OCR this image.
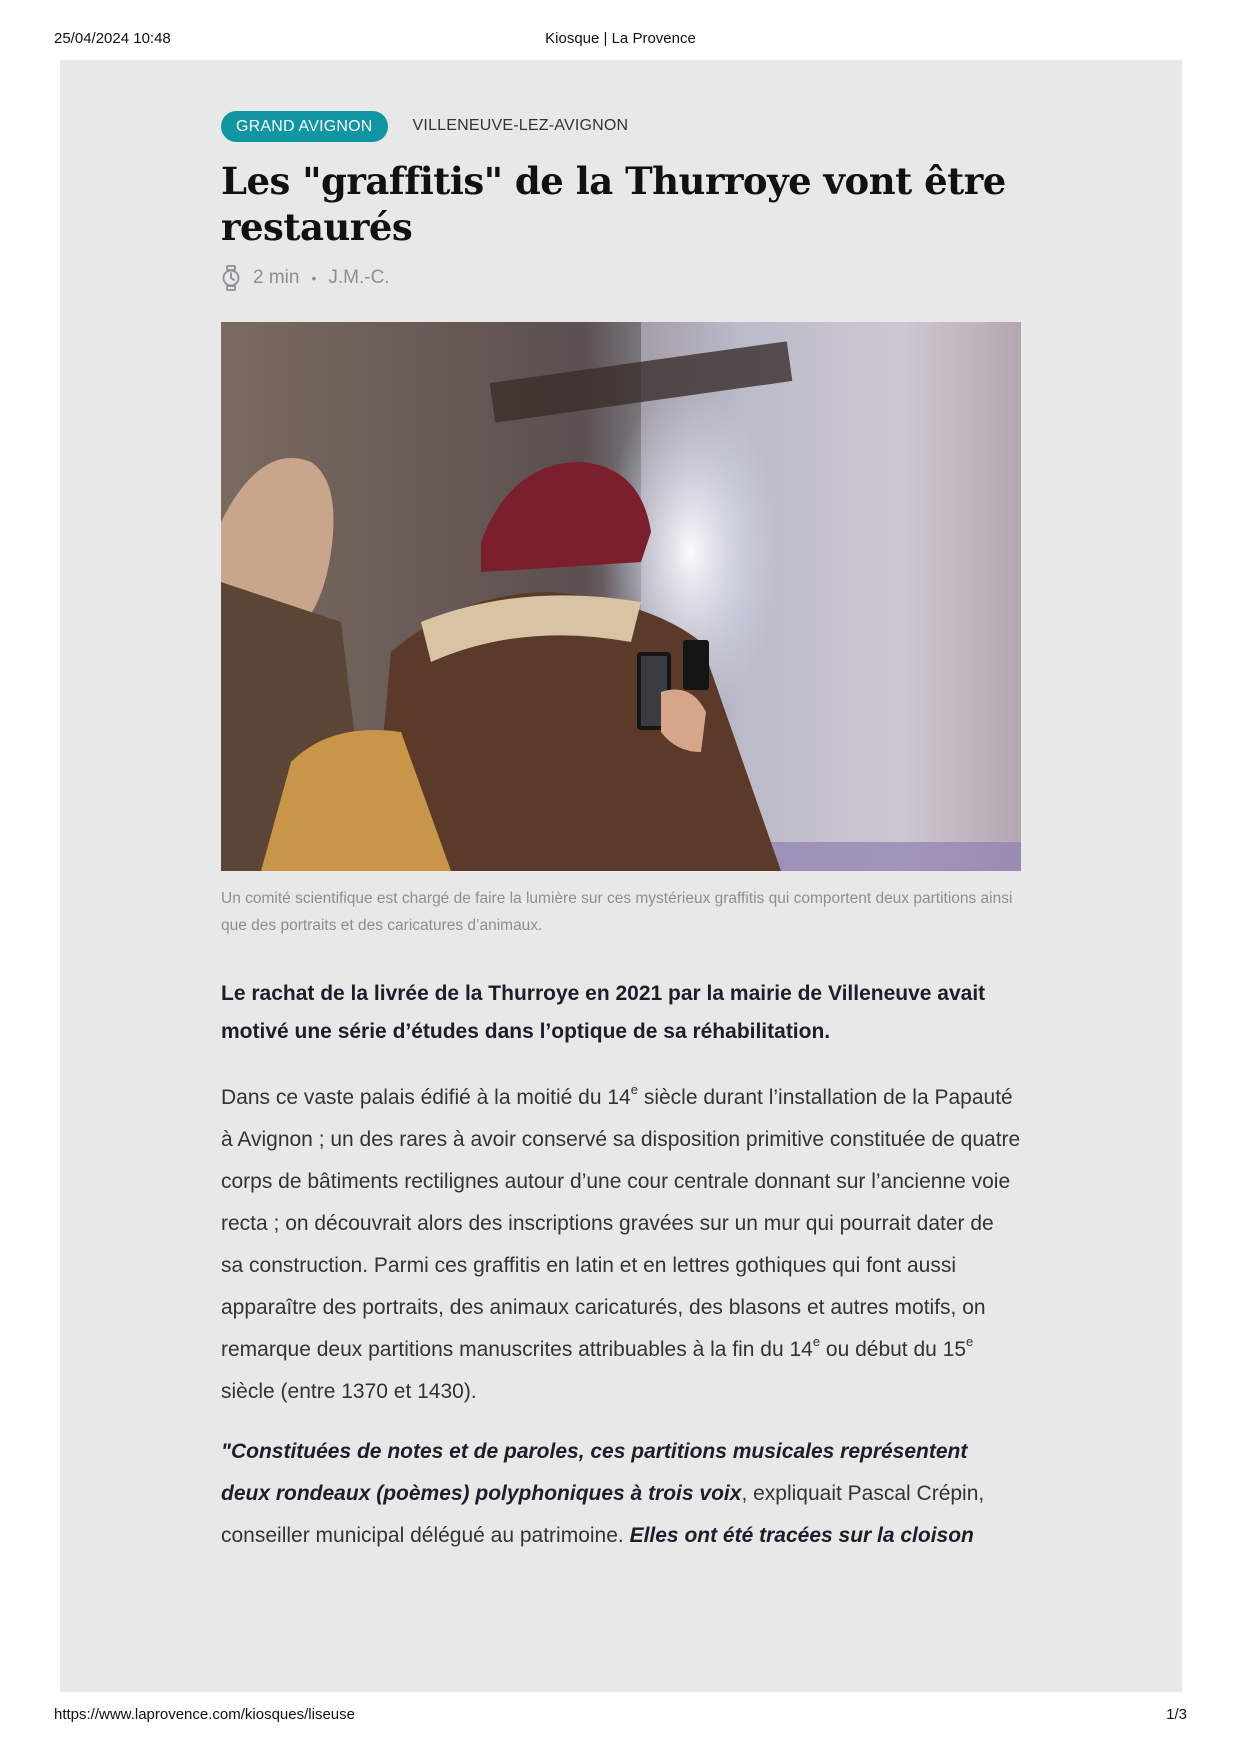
25/04/2024 10:48	Kiosque | La Provence
GRAND AVIGNON	VILLENEUVE-LEZ-AVIGNON
Les "graffitis" de la Thurroye vont être restaurés
2 min • J.M.-C.

Un comité scientifique est chargé de faire la lumière sur ces mystérieux graffitis qui comportent deux partitions ainsi que des portraits et des caricatures d’animaux.

Le rachat de la livrée de la Thurroye en 2021 par la mairie de Villeneuve avait motivé une série d’études dans l’optique de sa réhabilitation.

Dans ce vaste palais édifié à la moitié du 14e siècle durant l’installation de la Papauté à Avignon ; un des rares à avoir conservé sa disposition primitive constituée de quatre corps de bâtiments rectilignes autour d’une cour centrale donnant sur l’ancienne voie recta ; on découvrait alors des inscriptions gravées sur un mur qui pourrait dater de sa construction. Parmi ces graffitis en latin et en lettres gothiques qui font aussi apparaître des portraits, des animaux caricaturés, des blasons et autres motifs, on remarque deux partitions manuscrites attribuables à la fin du 14e ou début du 15e siècle (entre 1370 et 1430).

"Constituées de notes et de paroles, ces partitions musicales représentent deux rondeaux (poèmes) polyphoniques à trois voix, expliquait Pascal Crépin, conseiller municipal délégué au patrimoine. Elles ont été tracées sur la cloison

https://www.laprovence.com/kiosques/liseuse	1/3
